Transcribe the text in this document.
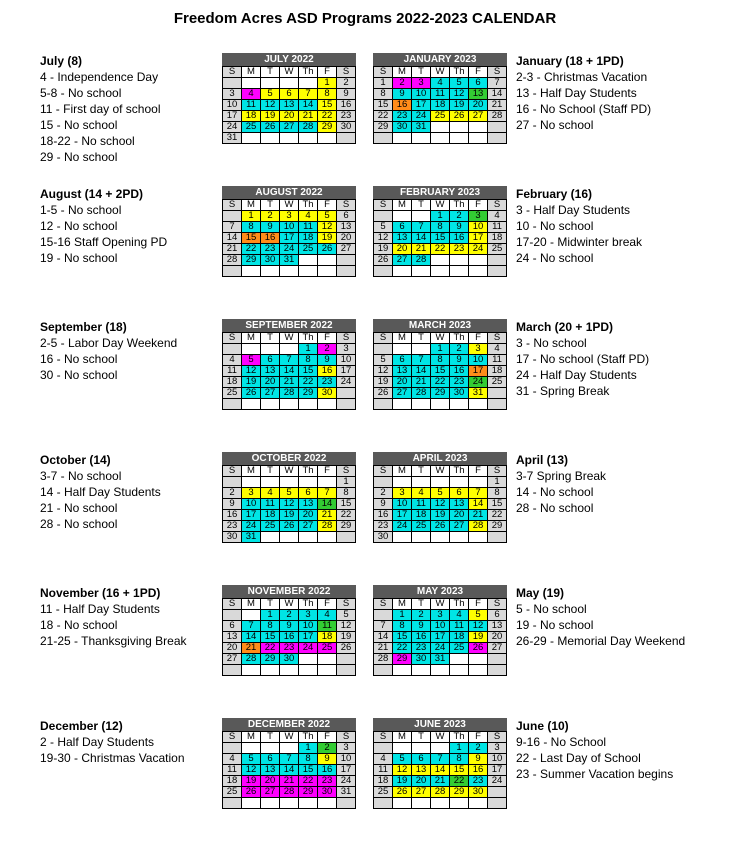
Freedom Acres ASD Programs 2022-2023 CALENDAR
July (8)
4 - Independence Day
5-8 - No school
11 - First day of school
15 - No school
18-22 - No school
29 - No school
JULY 2022
S	M	T	W	Th	F	S
					1	2
3	4	5	6	7	8	9
10	11	12	13	14	15	16
17	18	19	20	21	22	23
24	25	26	27	28	29	30
31						
JANUARY 2023
S	M	T	W	Th	F	S
1	2	3	4	5	6	7
8	9	10	11	12	13	14
15	16	17	18	19	20	21
22	23	24	25	26	27	28
29	30	31				

January (18 + 1PD)
2-3 - Christmas Vacation
13 - Half Day Students
16 - No School (Staff PD)
27 - No school
August (14 + 2PD)
1-5 - No school
12 - No school
15-16 Staff Opening PD
19 - No school
AUGUST 2022
S	M	T	W	Th	F	S
	1	2	3	4	5	6
7	8	9	10	11	12	13
14	15	16	17	18	19	20
21	22	23	24	25	26	27
28	29	30	31			

FEBRUARY 2023
S	M	T	W	Th	F	S
			1	2	3	4
5	6	7	8	9	10	11
12	13	14	15	16	17	18
19	20	21	22	23	24	25
26	27	28				

February (16)
3 - Half Day Students
10 - No school
17-20 - Midwinter break
24 - No school
September (18)
2-5 - Labor Day Weekend
16 - No school
30 - No school
SEPTEMBER 2022
S	M	T	W	Th	F	S
				1	2	3
4	5	6	7	8	9	10
11	12	13	14	15	16	17
18	19	20	21	22	23	24
25	26	27	28	29	30	

MARCH 2023
S	M	T	W	Th	F	S
			1	2	3	4
5	6	7	8	9	10	11
12	13	14	15	16	17	18
19	20	21	22	23	24	25
26	27	28	29	30	31	

March (20 + 1PD)
3 - No school
17 - No school (Staff PD)
24 - Half Day Students
31 - Spring Break
October (14)
3-7 - No school
14 - Half Day Students
21 - No school
28 - No school
OCTOBER 2022
S	M	T	W	Th	F	S
						1
2	3	4	5	6	7	8
9	10	11	12	13	14	15
16	17	18	19	20	21	22
23	24	25	26	27	28	29
30	31					
APRIL 2023
S	M	T	W	Th	F	S
						1
2	3	4	5	6	7	8
9	10	11	12	13	14	15
16	17	18	19	20	21	22
23	24	25	26	27	28	29
30						
April (13)
3-7 Spring Break
14 - No school
28 - No school
November (16 + 1PD)
11 - Half Day Students
18 - No school
21-25 - Thanksgiving Break
NOVEMBER 2022
S	M	T	W	Th	F	S
		1	2	3	4	5
6	7	8	9	10	11	12
13	14	15	16	17	18	19
20	21	22	23	24	25	26
27	28	29	30			

MAY 2023
S	M	T	W	Th	F	S
	1	2	3	4	5	6
7	8	9	10	11	12	13
14	15	16	17	18	19	20
21	22	23	24	25	26	27
28	29	30	31			

May (19)
5 - No school
19 - No school
26-29 - Memorial Day Weekend
December (12)
2 - Half Day Students
19-30 - Christmas Vacation
DECEMBER 2022
S	M	T	W	Th	F	S
				1	2	3
4	5	6	7	8	9	10
11	12	13	14	15	16	17
18	19	20	21	22	23	24
25	26	27	28	29	30	31

JUNE 2023
S	M	T	W	Th	F	S
				1	2	3
4	5	6	7	8	9	10
11	12	13	14	15	16	17
18	19	20	21	22	23	24
25	26	27	28	29	30	

June (10)
9-16 - No School
22 - Last Day of School
23 - Summer Vacation begins
